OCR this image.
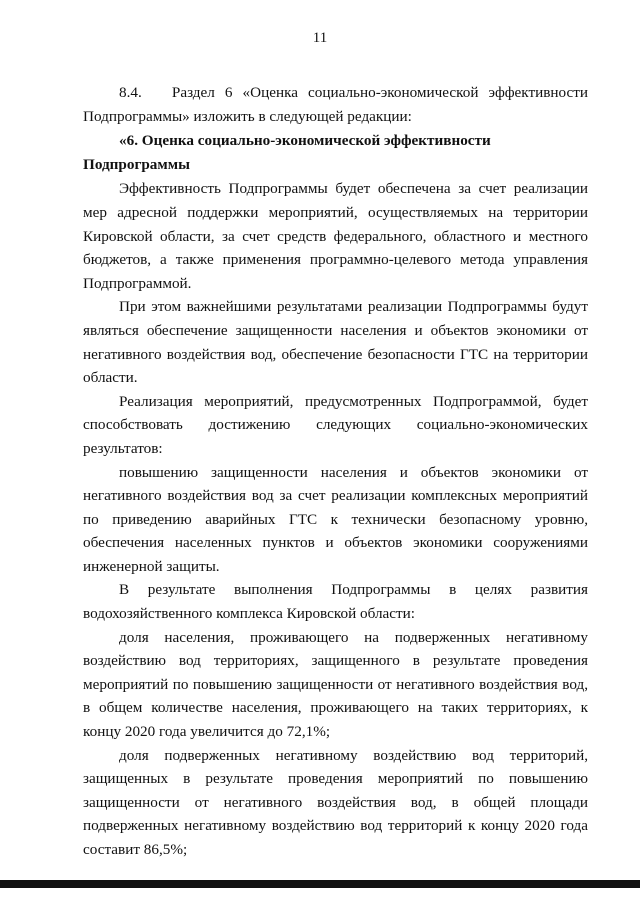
11

8.4.   Раздел 6 «Оценка социально-экономической эффективности Подпрограммы» изложить в следующей редакции:

«6. Оценка социально-экономической эффективности Подпрограммы

Эффективность Подпрограммы будет обеспечена за счет реализации мер адресной поддержки мероприятий, осуществляемых на территории Кировской области, за счет средств федерального, областного и местного бюджетов, а также применения программно-целевого метода управления Подпрограммой.

При этом важнейшими результатами реализации Подпрограммы будут являться обеспечение защищенности населения и объектов экономики от негативного воздействия вод, обеспечение безопасности ГТС на территории области.

Реализация мероприятий, предусмотренных Подпрограммой, будет способствовать достижению следующих социально-экономических результатов:

повышению защищенности населения и объектов экономики от негативного воздействия вод за счет реализации комплексных мероприятий по приведению аварийных ГТС к технически безопасному уровню, обеспечения населенных пунктов и объектов экономики сооружениями инженерной защиты.

В результате выполнения Подпрограммы в целях развития водохозяйственного комплекса Кировской области:

доля населения, проживающего на подверженных негативному воздействию вод территориях, защищенного в результате проведения мероприятий по повышению защищенности от негативного воздействия вод, в общем количестве населения, проживающего на таких территориях, к концу 2020 года увеличится до 72,1%;

доля подверженных негативному воздействию вод территорий, защищенных в результате проведения мероприятий по повышению защищенности от негативного воздействия вод, в общей площади подверженных негативному воздействию вод территорий к концу 2020 года составит 86,5%;
